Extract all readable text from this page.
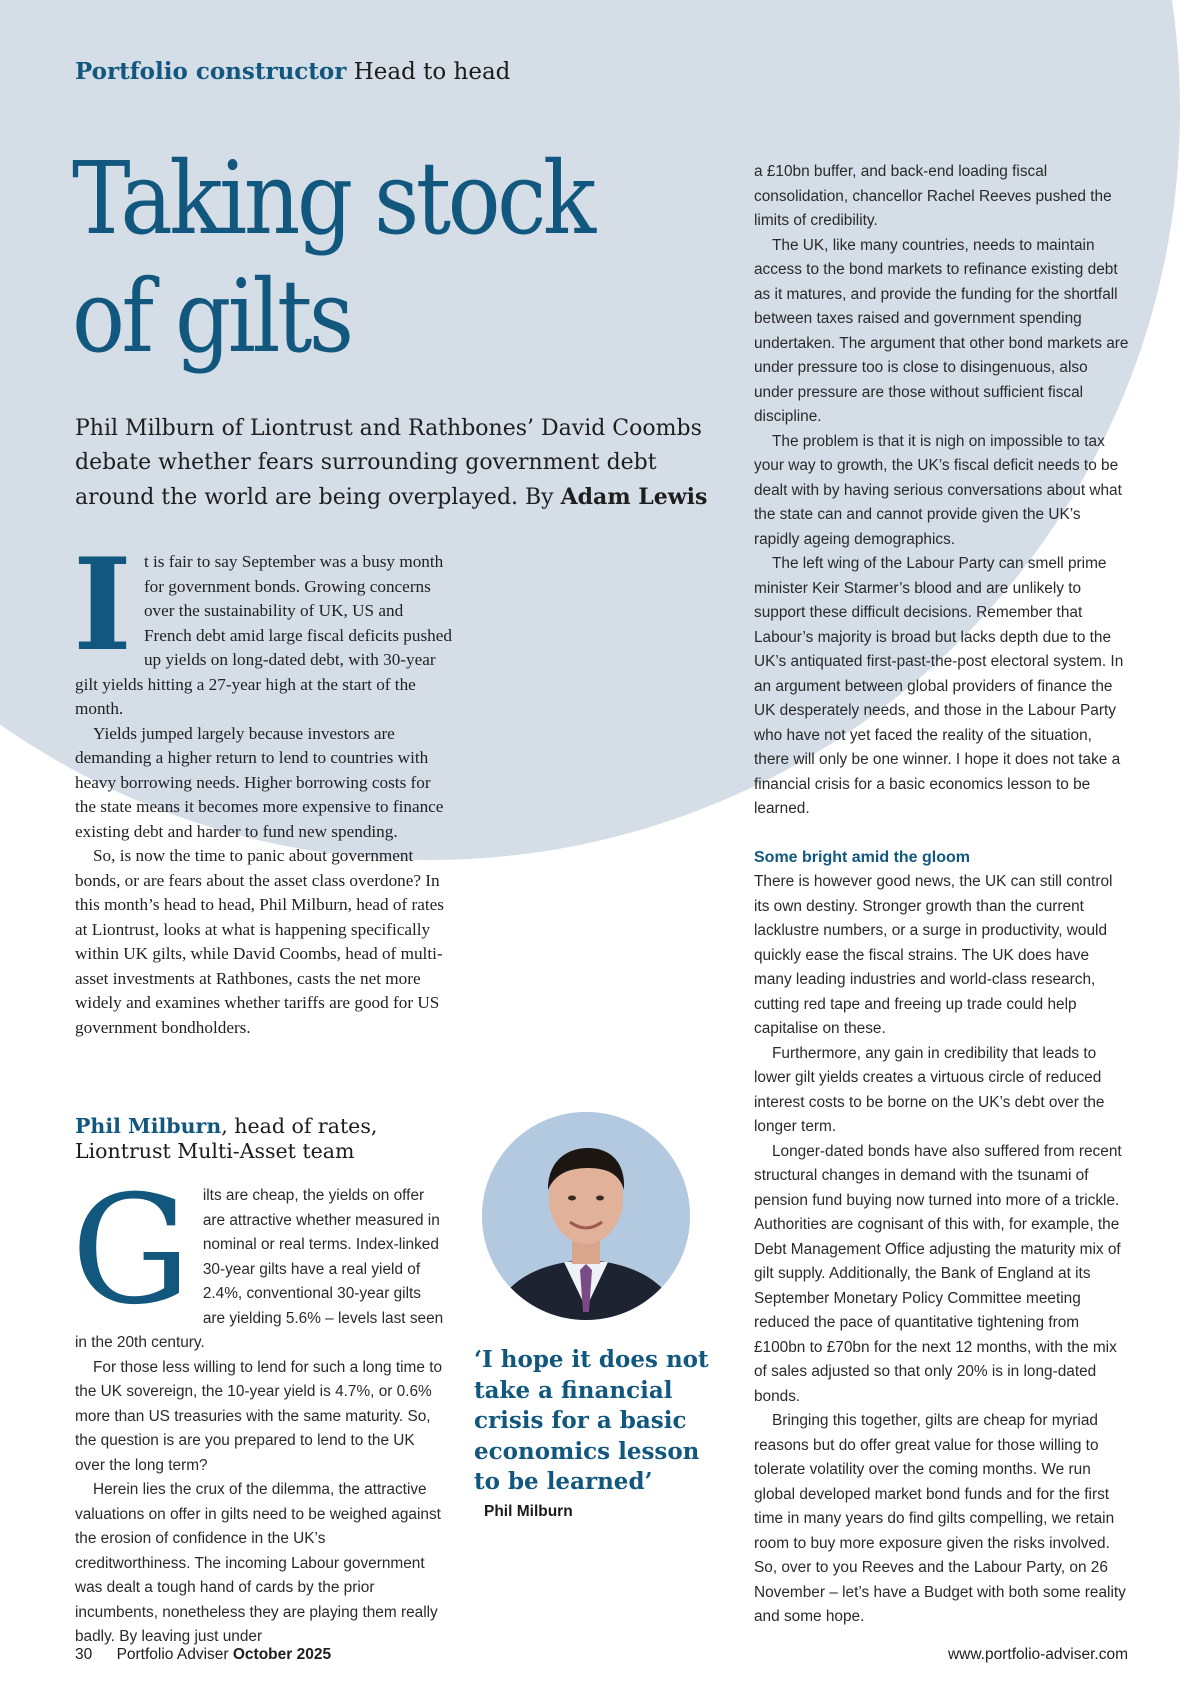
Portfolio constructor Head to head

Taking stock
of gilts

Phil Milburn of Liontrust and Rathbones’ David Coombs debate whether fears surrounding government debt around the world are being overplayed. By Adam Lewis

I t is fair to say September was a busy month for government bonds. Growing concerns over the sustainability of UK, US and French debt amid large fiscal deficits pushed up yields on long-dated debt, with 30-year gilt yields hitting a 27-year high at the start of the month.

Yields jumped largely because investors are demanding a higher return to lend to countries with heavy borrowing needs. Higher borrowing costs for the state means it becomes more expensive to finance existing debt and harder to fund new spending.

So, is now the time to panic about government bonds, or are fears about the asset class overdone? In this month’s head to head, Phil Milburn, head of rates at Liontrust, looks at what is happening specifically within UK gilts, while David Coombs, head of multi-asset investments at Rathbones, casts the net more widely and examines whether tariffs are good for US government bondholders.

Phil Milburn, head of rates, Liontrust Multi-Asset team
G ilts are cheap, the yields on offer are attractive whether measured in nominal or real terms. Index-linked 30-year gilts have a real yield of 2.4%, conventional 30-year gilts are yielding 5.6% – levels last seen in the 20th century.

For those less willing to lend for such a long time to the UK sovereign, the 10-year yield is 4.7%, or 0.6% more than US treasuries with the same maturity. So, the question is are you prepared to lend to the UK over the long term?

Herein lies the crux of the dilemma, the attractive valuations on offer in gilts need to be weighed against the erosion of confidence in the UK’s creditworthiness. The incoming Labour government was dealt a tough hand of cards by the prior incumbents, nonetheless they are playing them really badly. By leaving just under

‘I hope it does not take a financial crisis for a basic economics lesson to be learned’

Phil Milburn

a £10bn buffer, and back-end loading fiscal consolidation, chancellor Rachel Reeves pushed the limits of credibility.

The UK, like many countries, needs to maintain access to the bond markets to refinance existing debt as it matures, and provide the funding for the shortfall between taxes raised and government spending undertaken. The argument that other bond markets are under pressure too is close to disingenuous, also under pressure are those without sufficient fiscal discipline.

The problem is that it is nigh on impossible to tax your way to growth, the UK’s fiscal deficit needs to be dealt with by having serious conversations about what the state can and cannot provide given the UK’s rapidly ageing demographics.

The left wing of the Labour Party can smell prime minister Keir Starmer’s blood and are unlikely to support these difficult decisions. Remember that Labour’s majority is broad but lacks depth due to the UK’s antiquated first-past-the-post electoral system. In an argument between global providers of finance the UK desperately needs, and those in the Labour Party who have not yet faced the reality of the situation, there will only be one winner. I hope it does not take a financial crisis for a basic economics lesson to be learned.

Some bright amid the gloom

There is however good news, the UK can still control its own destiny. Stronger growth than the current lacklustre numbers, or a surge in productivity, would quickly ease the fiscal strains. The UK does have many leading industries and world-class research, cutting red tape and freeing up trade could help capitalise on these.

Furthermore, any gain in credibility that leads to lower gilt yields creates a virtuous circle of reduced interest costs to be borne on the UK’s debt over the longer term.

Longer-dated bonds have also suffered from recent structural changes in demand with the tsunami of pension fund buying now turned into more of a trickle. Authorities are cognisant of this with, for example, the Debt Management Office adjusting the maturity mix of gilt supply. Additionally, the Bank of England at its September Monetary Policy Committee meeting reduced the pace of quantitative tightening from £100bn to £70bn for the next 12 months, with the mix of sales adjusted so that only 20% is in long-dated bonds.

Bringing this together, gilts are cheap for myriad reasons but do offer great value for those willing to tolerate volatility over the coming months. We run global developed market bond funds and for the first time in many years do find gilts compelling, we retain room to buy more exposure given the risks involved. So, over to you Reeves and the Labour Party, on 26 November – let’s have a Budget with both some reality and some hope.

30 Portfolio Adviser October 2025	www.portfolio-adviser.com
